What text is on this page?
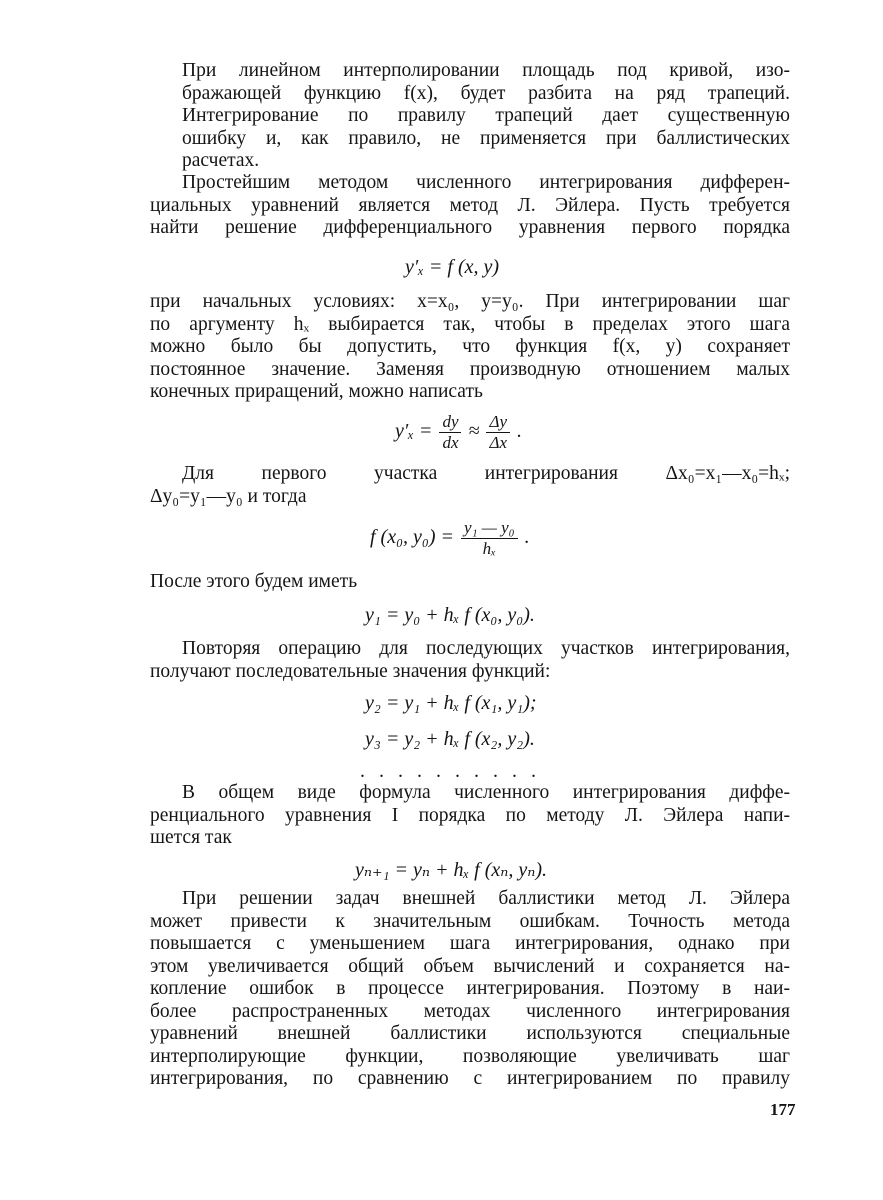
При линейном интерполировании площадь под кривой, изо-
бражающей функцию f(x), будет разбита на ряд трапеций.
Интегрирование по правилу трапеций дает существенную
ошибку и, как правило, не применяется при баллистических
расчетах.
Простейшим методом численного интегрирования дифферен-
циальных уравнений является метод Л. Эйлера. Пусть требуется
найти решение дифференциального уравнения первого порядка
y′ₓ = f (x, y)
при начальных условиях: x=x₀, y=y₀. При интегрировании шаг
по аргументу hₓ выбирается так, чтобы в пределах этого шага
можно было бы допустить, что функция f(x, y) сохраняет
постоянное значение. Заменяя производную отношением малых
конечных приращений, можно написать
$y'_x = \frac{dy}{dx} \approx \frac{\Delta y}{\Delta x}$ .
Для первого участка интегрирования Δx₀=x₁—x₀=hₓ;
Δy₀=y₁—y₀ и тогда
f (x₀, $y_0) = \frac{\text{y₁ — y₀}}{\text{hₓ}}$ .
После этого будем иметь
y₁ = y₀ + hₓ f (x₀, y₀).
Повторяя операцию для последующих участков интегрирования,
получают последовательные значения функций:
y₂ = y₁ + hₓ f (x₁, y₁);
y₃ = y₂ + hₓ f (x₂, y₂).
..........
В общем виде формула численного интегрирования диффе-
ренциального уравнения I порядка по методу Л. Эйлера напи-
шется так
yₙ₊₁ = yₙ + hₓ f (xₙ, yₙ).
При решении задач внешней баллистики метод Л. Эйлера
может привести к значительным ошибкам. Точность метода
повышается с уменьшением шага интегрирования, однако при
этом увеличивается общий объем вычислений и сохраняется на-
копление ошибок в процессе интегрирования. Поэтому в наи-
более распространенных методах численного интегрирования
уравнений внешней баллистики используются специальные
интерполирующие функции, позволяющие увеличивать шаг
интегрирования, по сравнению с интегрированием по правилу
177
